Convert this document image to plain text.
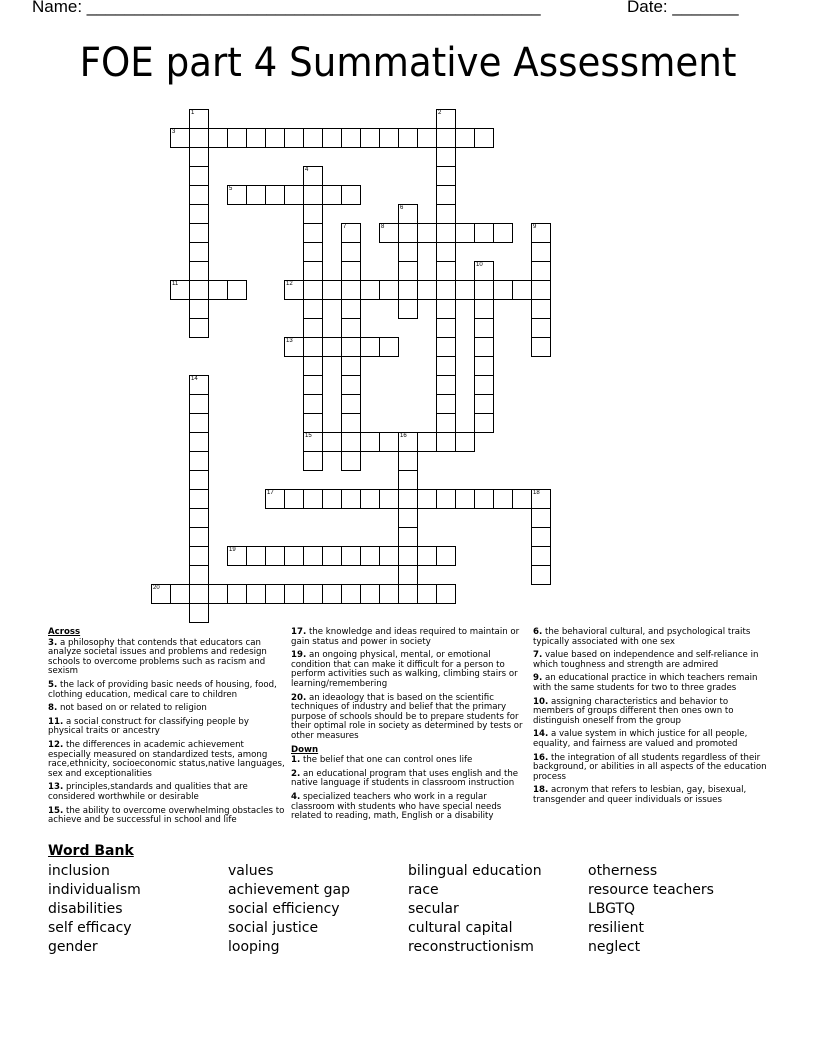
Name: ________________________________________________	Date: _______
FOE part 4 Summative Assessment
1	2
3
4
15
5
6
7	8	9
10
11	12
13
14
16
17	18
19
20
Across
3. a philosophy that contends that educators can analyze societal issues and problems and redesign schools to overcome problems such as racism and sexism
5. the lack of providing basic needs of housing, food, clothing education, medical care to children
8. not based on or related to religion
11. a social construct for classifying people by physical traits or ancestry
12. the differences in academic achievement especially measured on standardized tests, among race,ethnicity, socioeconomic status,native languages, sex and exceptionalities
13. principles,standards and qualities that are considered worthwhile or desirable
15. the ability to overcome overwhelming obstacles to achieve and be successful in school and life
17. the knowledge and ideas required to maintain or gain status and power in society
19. an ongoing physical, mental, or emotional condition that can make it difficult for a person to perform activities such as walking, climbing stairs or learning/remembering
20. an ideaology that is based on the scientific techniques of industry and belief that the primary purpose of schools should be to prepare students for their optimal role in society as determined by tests or other measures
Down
1. the belief that one can control ones life
2. an educational program that uses english and the native language if students in classroom instruction
4. specialized teachers who work in a regular classroom with students who have special needs related to reading, math, English or a disability
6. the behavioral cultural, and psychological traits typically associated with one sex
7. value based on independence and self-reliance in which toughness and strength are admired
9. an educational practice in which teachers remain with the same students for two to three grades
10. assigning characteristics and behavior to members of groups different then ones own to distinguish oneself from the group
14. a value system in which justice for all people, equality, and fairness are valued and promoted
16. the integration of all students regardless of their background, or abilities in all aspects of the education process
18. acronym that refers to lesbian, gay, bisexual, transgender and queer individuals or issues
Word Bank
inclusion
individualism
disabilities
self efficacy
gender
values
achievement gap
social efficiency
social justice
looping
bilingual education
race
secular
cultural capital
reconstructionism
otherness
resource teachers
LBGTQ
resilient
neglect
